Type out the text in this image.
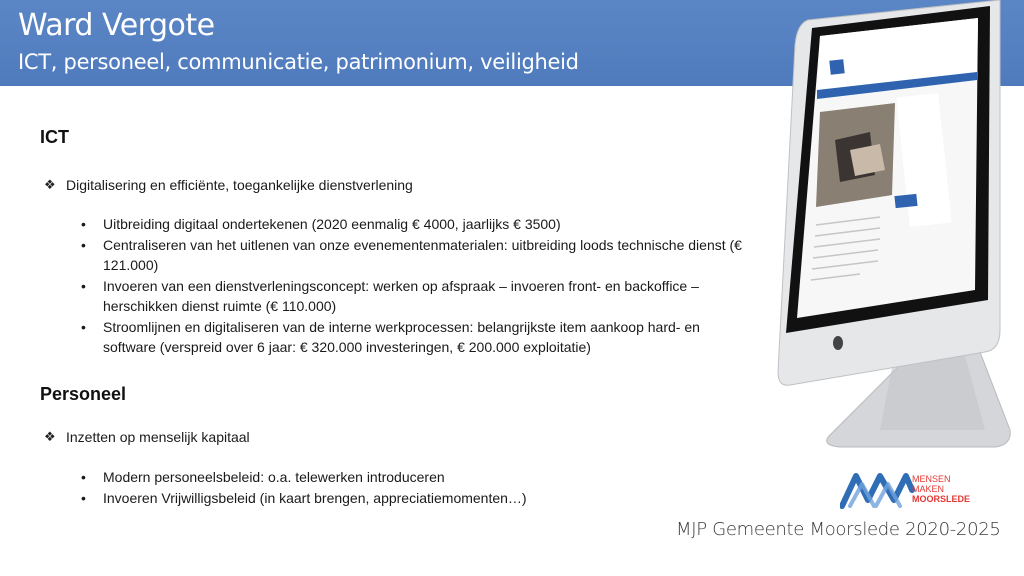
Ward Vergote
ICT, personeel, communicatie, patrimonium, veiligheid
ICT
❖ Digitalisering en efficiënte, toegankelijke dienstverlening
• Uitbreiding digitaal ondertekenen (2020 eenmalig € 4000, jaarlijks € 3500)
• Centraliseren van het uitlenen van onze evenementenmaterialen: uitbreiding loods technische dienst (€ 121.000)
• Invoeren van een dienstverleningsconcept: werken op afspraak – invoeren front- en backoffice – herschikken dienst ruimte (€ 110.000)
• Stroomlijnen en digitaliseren van de interne werkprocessen: belangrijkste item aankoop hard- en software (verspreid over 6 jaar: € 320.000 investeringen, € 200.000 exploitatie)
Personeel
❖ Inzetten op menselijk kapitaal
• Modern personeelsbeleid: o.a. telewerken introduceren
• Invoeren Vrijwilligsbeleid (in kaart brengen, appreciatiemomenten…)
MENSEN
MAKEN
MOORSLEDE
MJP Gemeente Moorslede 2020-2025
